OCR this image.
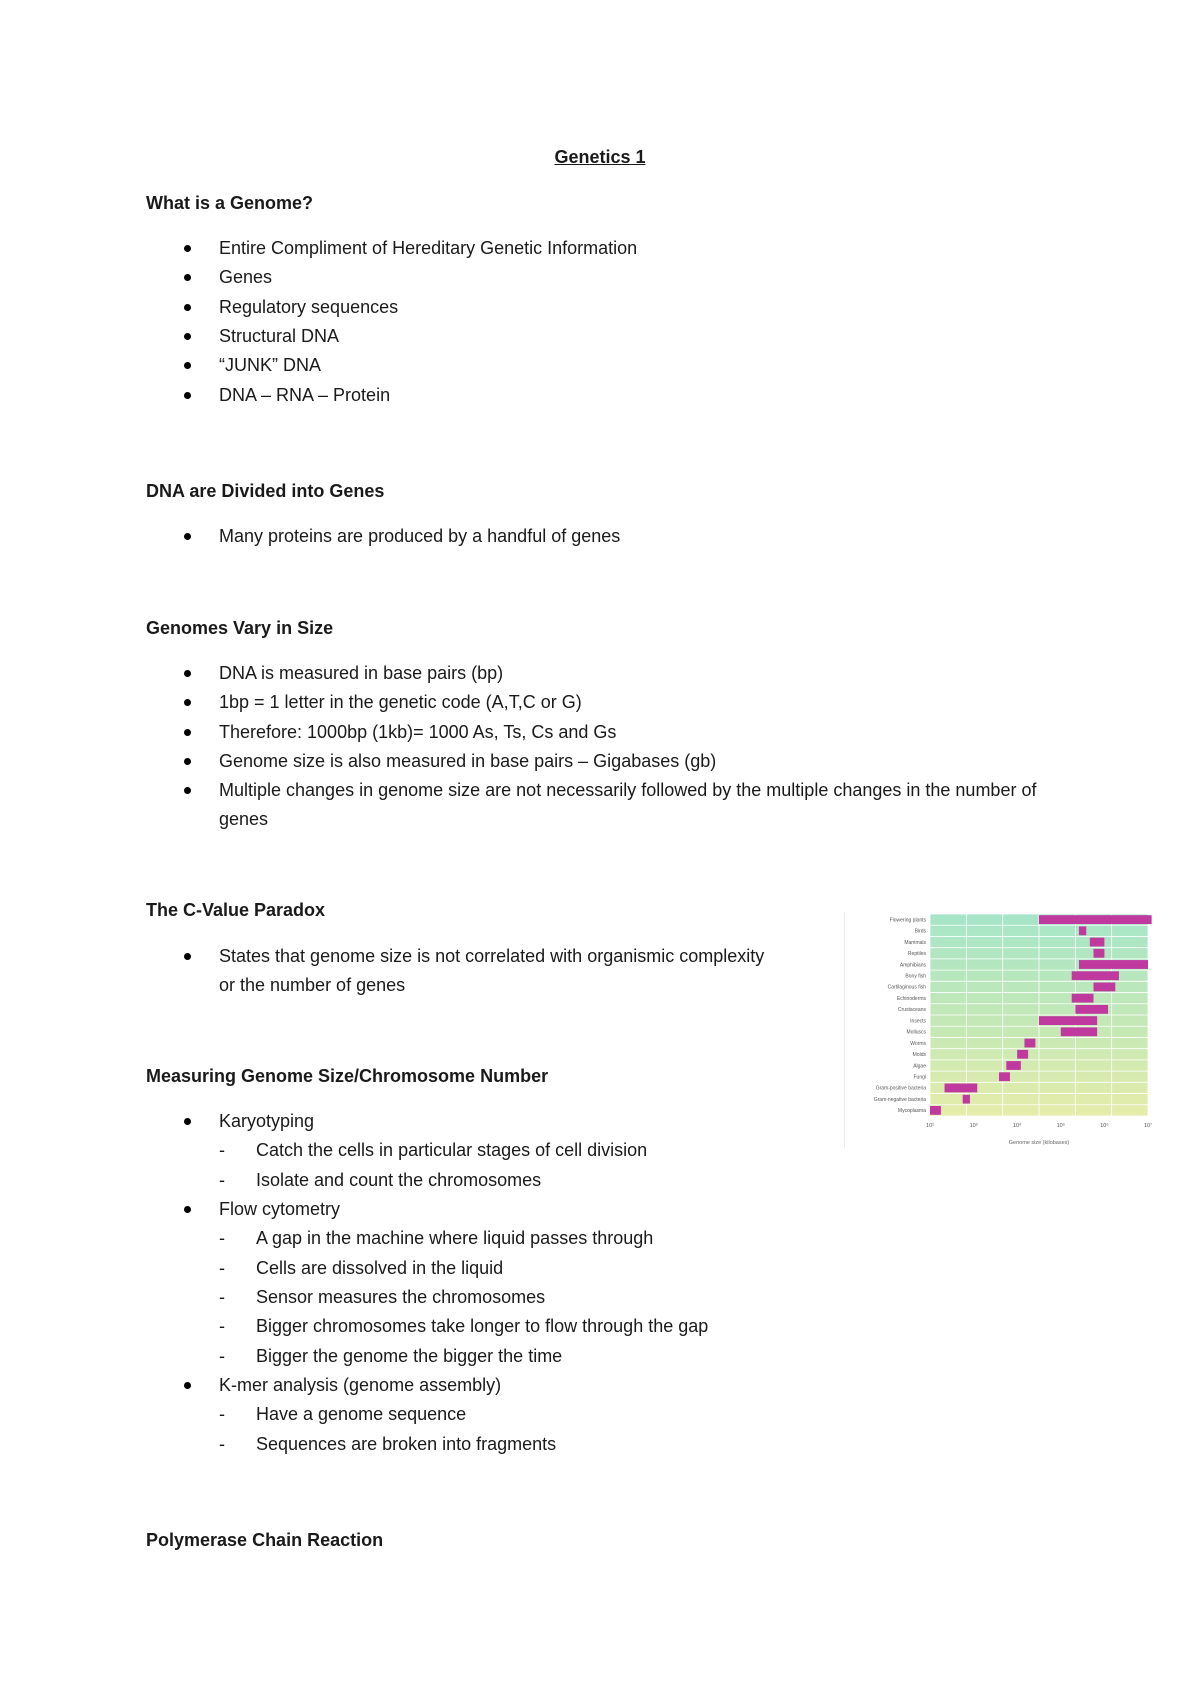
Genetics 1
What is a Genome?
Entire Compliment of Hereditary Genetic Information
Genes
Regulatory sequences
Structural DNA
“JUNK” DNA
DNA – RNA – Protein
DNA are Divided into Genes
Many proteins are produced by a handful of genes
Genomes Vary in Size
DNA is measured in base pairs (bp)
1bp = 1 letter in the genetic code (A,T,C or G)
Therefore: 1000bp (1kb)= 1000 As, Ts, Cs and Gs
Genome size is also measured in base pairs – Gigabases (gb)
Multiple changes in genome size are not necessarily followed by the multiple changes in the number of genes
The C-Value Paradox
States that genome size is not correlated with organismic complexity or the number of genes
Measuring Genome Size/Chromosome Number
Karyotyping
- Catch the cells in particular stages of cell division
- Isolate and count the chromosomes
Flow cytometry
- A gap in the machine where liquid passes through
- Cells are dissolved in the liquid
- Sensor measures the chromosomes
- Bigger chromosomes take longer to flow through the gap
- Bigger the genome the bigger the time
K-mer analysis (genome assembly)
- Have a genome sequence
- Sequences are broken into fragments
Polymerase Chain Reaction
Flowering plants
Birds
Mammals
Reptiles
Amphibians
Bony fish
Cartilaginous fish
Echinoderms
Crustaceans
Insects
Molluscs
Worms
Molds
Algae
Fungi
Gram-positive bacteria
Gram-negative bacteria
Mycoplasma
10²	10³	10⁴	10⁵	10⁶	10⁷
Genome size (kilobases)
